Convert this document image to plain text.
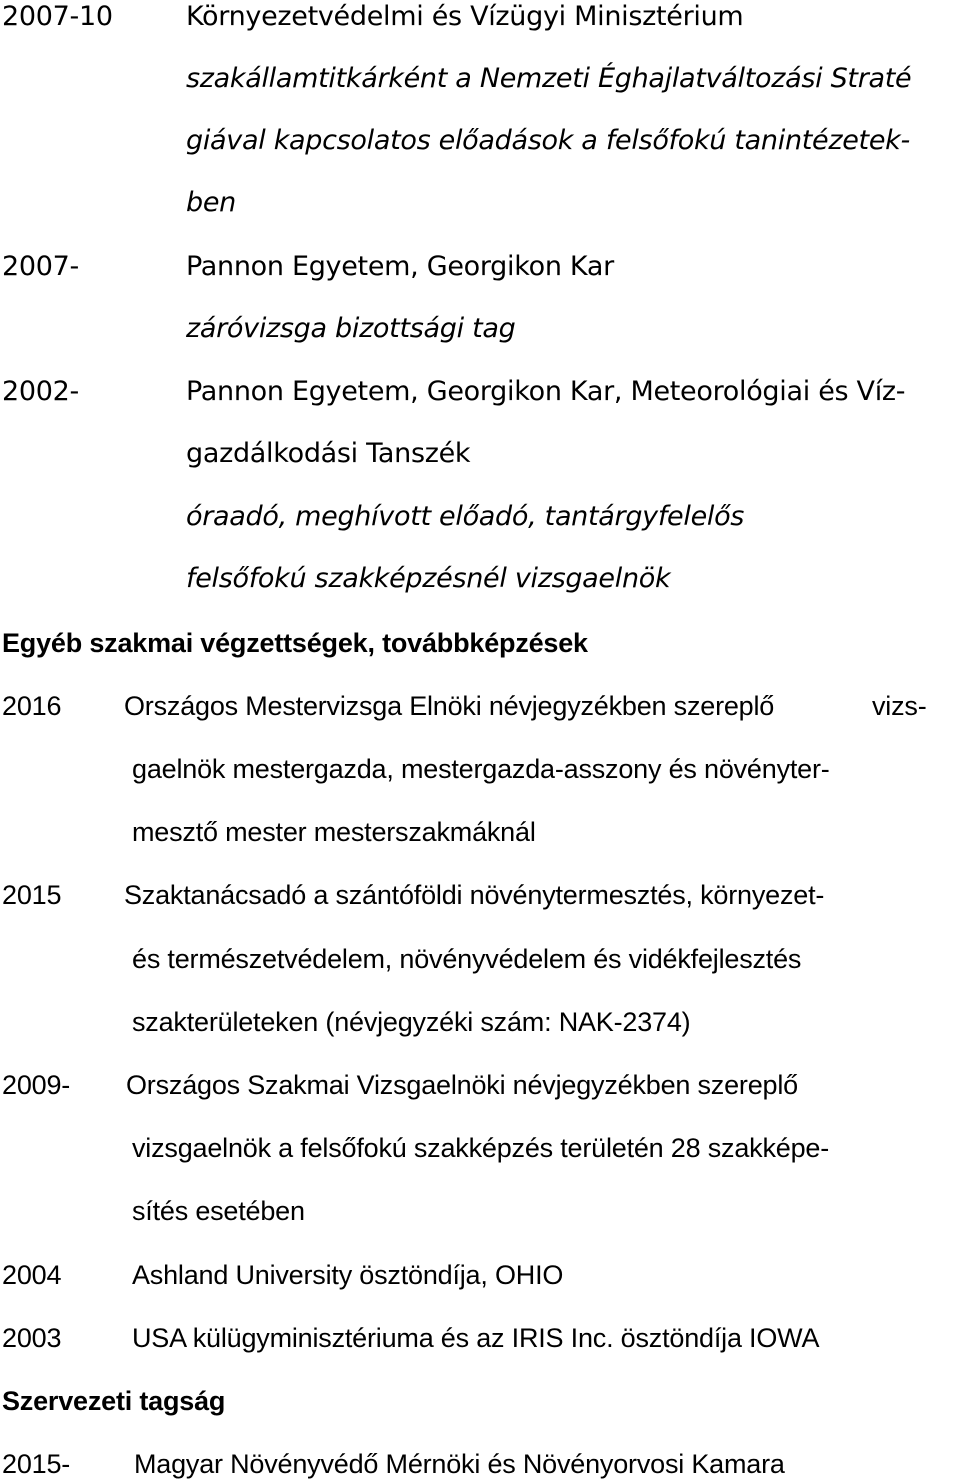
2007-10	Környezetvédelmi és Vízügyi Minisztérium

szakállamtitkárként a Nemzeti Éghajlatváltozási Straté

giával kapcsolatos előadások a felsőfokú tanintézetek-

ben

2007-	Pannon Egyetem, Georgikon Kar

záróvizsga bizottsági tag

2002-	Pannon Egyetem, Georgikon Kar, Meteorológiai és Víz-

gazdálkodási Tanszék

óraadó, meghívott előadó, tantárgyfelelős

felsőfokú szakképzésnél vizsgaelnök

Egyéb szakmai végzettségek, továbbképzések

2016 Országos Mestervizsga Elnöki névjegyzékben szereplő	vizs-

gaelnök mestergazda, mestergazda-asszony és növényter-

mesztő mester mesterszakmáknál

2015 Szaktanácsadó a szántóföldi növénytermesztés, környezet-

és természetvédelem, növényvédelem és vidékfejlesztés

szakterületeken (névjegyzéki szám: NAK-2374)

2009- Országos Szakmai Vizsgaelnöki névjegyzékben szereplő

vizsgaelnök a felsőfokú szakképzés területén 28 szakképe-

sítés esetében

2004	Ashland University ösztöndíja, OHIO

2003	USA külügyminisztériuma és az IRIS Inc. ösztöndíja IOWA

Szervezeti tagság

2015- Magyar Növényvédő Mérnöki és Növényorvosi Kamara
